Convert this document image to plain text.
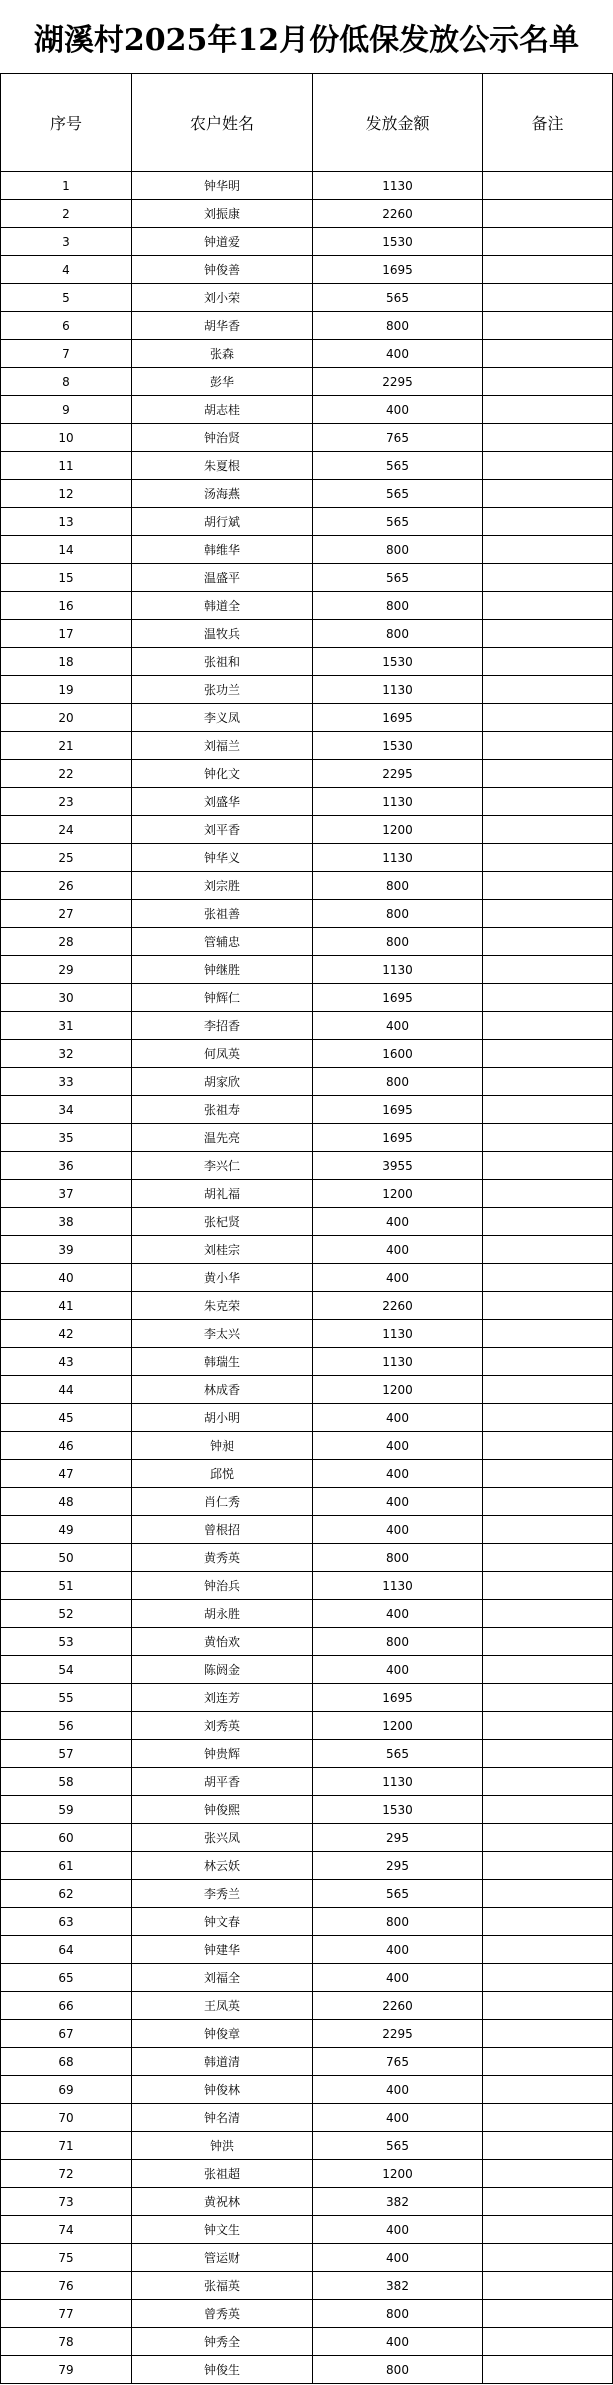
湖溪村2025年12月份低保发放公示名单
序号	农户姓名	发放金额	备注
1	钟华明	1130	
2	刘振康	2260	
3	钟道爱	1530	
4	钟俊善	1695	
5	刘小荣	565	
6	胡华香	800	
7	张森	400	
8	彭华	2295	
9	胡志桂	400	
10	钟治贤	765	
11	朱夏根	565	
12	汤海燕	565	
13	胡行斌	565	
14	韩维华	800	
15	温盛平	565	
16	韩道全	800	
17	温牧兵	800	
18	张祖和	1530	
19	张功兰	1130	
20	李义凤	1695	
21	刘福兰	1530	
22	钟化文	2295	
23	刘盛华	1130	
24	刘平香	1200	
25	钟华义	1130	
26	刘宗胜	800	
27	张祖善	800	
28	管辅忠	800	
29	钟继胜	1130	
30	钟辉仁	1695	
31	李招香	400	
32	何凤英	1600	
33	胡家欣	800	
34	张祖寿	1695	
35	温先亮	1695	
36	李兴仁	3955	
37	胡礼福	1200	
38	张杞贤	400	
39	刘桂宗	400	
40	黄小华	400	
41	朱克荣	2260	
42	李太兴	1130	
43	韩瑞生	1130	
44	林成香	1200	
45	胡小明	400	
46	钟昶	400	
47	邱悦	400	
48	肖仁秀	400	
49	曾根招	400	
50	黄秀英	800	
51	钟治兵	1130	
52	胡永胜	400	
53	黄怡欢	800	
54	陈阏金	400	
55	刘连芳	1695	
56	刘秀英	1200	
57	钟贵辉	565	
58	胡平香	1130	
59	钟俊熙	1530	
60	张兴凤	295	
61	林云妖	295	
62	李秀兰	565	
63	钟文春	800	
64	钟建华	400	
65	刘福全	400	
66	王凤英	2260	
67	钟俊章	2295	
68	韩道清	765	
69	钟俊林	400	
70	钟名清	400	
71	钟洪	565	
72	张祖超	1200	
73	黄祝林	382	
74	钟文生	400	
75	管运财	400	
76	张福英	382	
77	曾秀英	800	
78	钟秀全	400	
79	钟俊生	800	
